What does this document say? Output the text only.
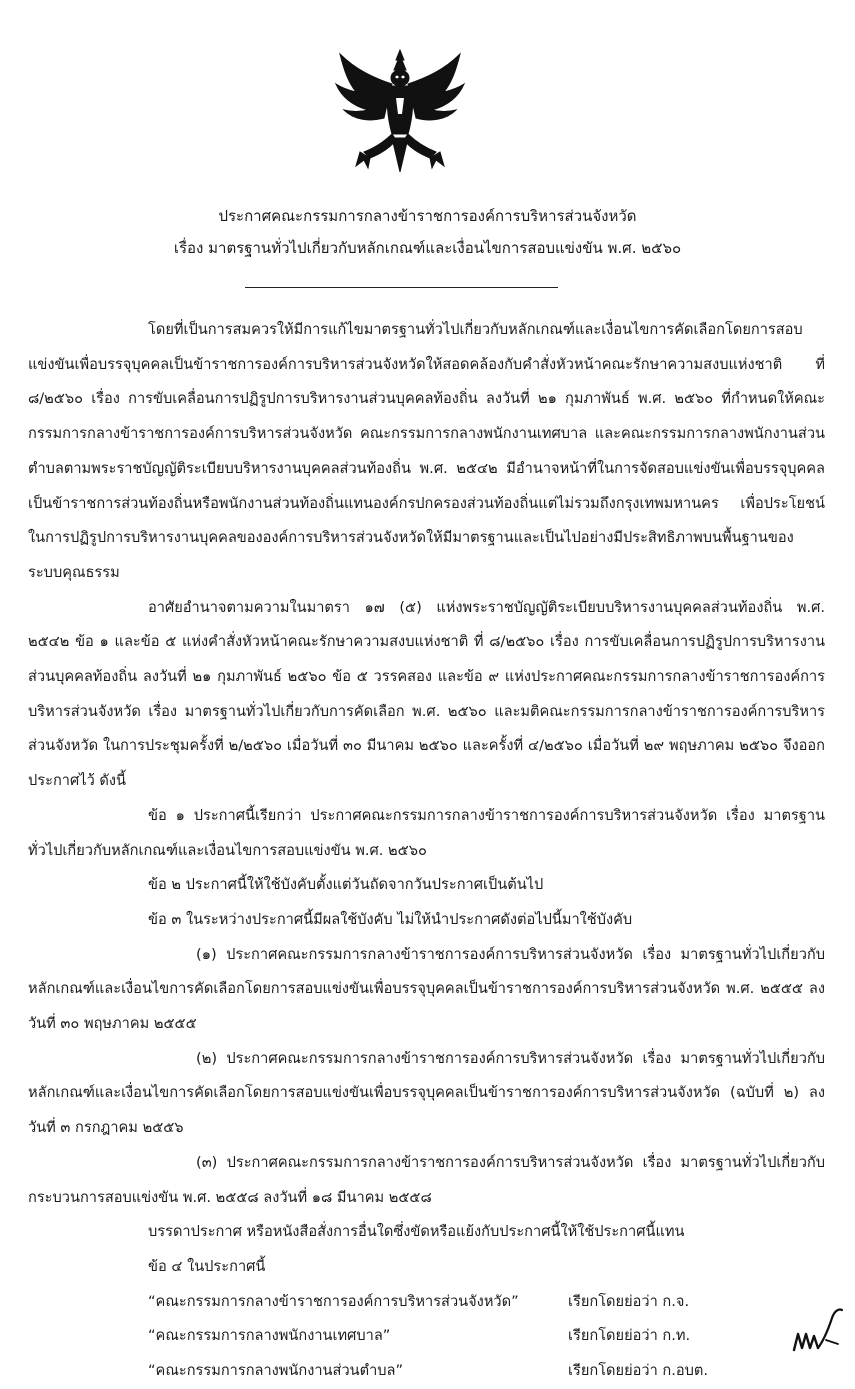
ประกาศคณะกรรมการกลางข้าราชการองค์การบริหารส่วนจังหวัด
เรื่อง มาตรฐานทั่วไปเกี่ยวกับหลักเกณฑ์และเงื่อนไขการสอบแข่งขัน พ.ศ. ๒๕๖๐

โดยที่เป็นการสมควรให้มีการแก้ไขมาตรฐานทั่วไปเกี่ยวกับหลักเกณฑ์และเงื่อนไขการคัดเลือกโดยการสอบแข่งขันเพื่อบรรจุบุคคลเป็นข้าราชการองค์การบริหารส่วนจังหวัดให้สอดคล้องกับคำสั่งหัวหน้าคณะรักษาความสงบแห่งชาติ ที่ ๘/๒๕๖๐ เรื่อง การขับเคลื่อนการปฏิรูปการบริหารงานส่วนบุคคลท้องถิ่น ลงวันที่ ๒๑ กุมภาพันธ์ พ.ศ. ๒๕๖๐ ที่กำหนดให้คณะกรรมการกลางข้าราชการองค์การบริหารส่วนจังหวัด คณะกรรมการกลางพนักงานเทศบาล และคณะกรรมการกลางพนักงานส่วนตำบลตามพระราชบัญญัติระเบียบบริหารงานบุคคลส่วนท้องถิ่น พ.ศ. ๒๕๔๒ มีอำนาจหน้าที่ในการจัดสอบแข่งขันเพื่อบรรจุบุคคลเป็นข้าราชการส่วนท้องถิ่นหรือพนักงานส่วนท้องถิ่นแทนองค์กรปกครองส่วนท้องถิ่นแต่ไม่รวมถึงกรุงเทพมหานคร เพื่อประโยชน์ในการปฏิรูปการบริหารงานบุคคลขององค์การบริหารส่วนจังหวัดให้มีมาตรฐานและเป็นไปอย่างมีประสิทธิภาพบนพื้นฐานของระบบคุณธรรม

อาศัยอำนาจตามความในมาตรา ๑๗ (๕) แห่งพระราชบัญญัติระเบียบบริหารงานบุคคลส่วนท้องถิ่น พ.ศ. ๒๕๔๒ ข้อ ๑ และข้อ ๕ แห่งคำสั่งหัวหน้าคณะรักษาความสงบแห่งชาติ ที่ ๘/๒๕๖๐ เรื่อง การขับเคลื่อนการปฏิรูปการบริหารงานส่วนบุคคลท้องถิ่น ลงวันที่ ๒๑ กุมภาพันธ์ ๒๕๖๐ ข้อ ๕ วรรคสอง และข้อ ๙ แห่งประกาศคณะกรรมการกลางข้าราชการองค์การบริหารส่วนจังหวัด เรื่อง มาตรฐานทั่วไปเกี่ยวกับการคัดเลือก พ.ศ. ๒๕๖๐ และมติคณะกรรมการกลางข้าราชการองค์การบริหารส่วนจังหวัด ในการประชุมครั้งที่ ๒/๒๕๖๐ เมื่อวันที่ ๓๐ มีนาคม ๒๕๖๐ และครั้งที่ ๔/๒๕๖๐ เมื่อวันที่ ๒๙ พฤษภาคม ๒๕๖๐ จึงออกประกาศไว้ ดังนี้

ข้อ ๑ ประกาศนี้เรียกว่า ประกาศคณะกรรมการกลางข้าราชการองค์การบริหารส่วนจังหวัด เรื่อง มาตรฐานทั่วไปเกี่ยวกับหลักเกณฑ์และเงื่อนไขการสอบแข่งขัน พ.ศ. ๒๕๖๐

ข้อ ๒ ประกาศนี้ให้ใช้บังคับตั้งแต่วันถัดจากวันประกาศเป็นต้นไป

ข้อ ๓ ในระหว่างประกาศนี้มีผลใช้บังคับ ไม่ให้นำประกาศดังต่อไปนี้มาใช้บังคับ

(๑) ประกาศคณะกรรมการกลางข้าราชการองค์การบริหารส่วนจังหวัด เรื่อง มาตรฐานทั่วไปเกี่ยวกับหลักเกณฑ์และเงื่อนไขการคัดเลือกโดยการสอบแข่งขันเพื่อบรรจุบุคคลเป็นข้าราชการองค์การบริหารส่วนจังหวัด พ.ศ. ๒๕๕๕ ลงวันที่ ๓๐ พฤษภาคม ๒๕๕๕

(๒) ประกาศคณะกรรมการกลางข้าราชการองค์การบริหารส่วนจังหวัด เรื่อง มาตรฐานทั่วไปเกี่ยวกับหลักเกณฑ์และเงื่อนไขการคัดเลือกโดยการสอบแข่งขันเพื่อบรรจุบุคคลเป็นข้าราชการองค์การบริหารส่วนจังหวัด (ฉบับที่ ๒) ลงวันที่ ๓ กรกฎาคม ๒๕๕๖

(๓) ประกาศคณะกรรมการกลางข้าราชการองค์การบริหารส่วนจังหวัด เรื่อง มาตรฐานทั่วไปเกี่ยวกับกระบวนการสอบแข่งขัน พ.ศ. ๒๕๕๘ ลงวันที่ ๑๘ มีนาคม ๒๕๕๘

บรรดาประกาศ หรือหนังสือสั่งการอื่นใดซึ่งขัดหรือแย้งกับประกาศนี้ให้ใช้ประกาศนี้แทน

ข้อ ๔ ในประกาศนี้

“คณะกรรมการกลางข้าราชการองค์การบริหารส่วนจังหวัด”	เรียกโดยย่อว่า ก.จ.
“คณะกรรมการกลางพนักงานเทศบาล”	เรียกโดยย่อว่า ก.ท.
“คณะกรรมการกลางพนักงานส่วนตำบล”	เรียกโดยย่อว่า ก.อบต.
